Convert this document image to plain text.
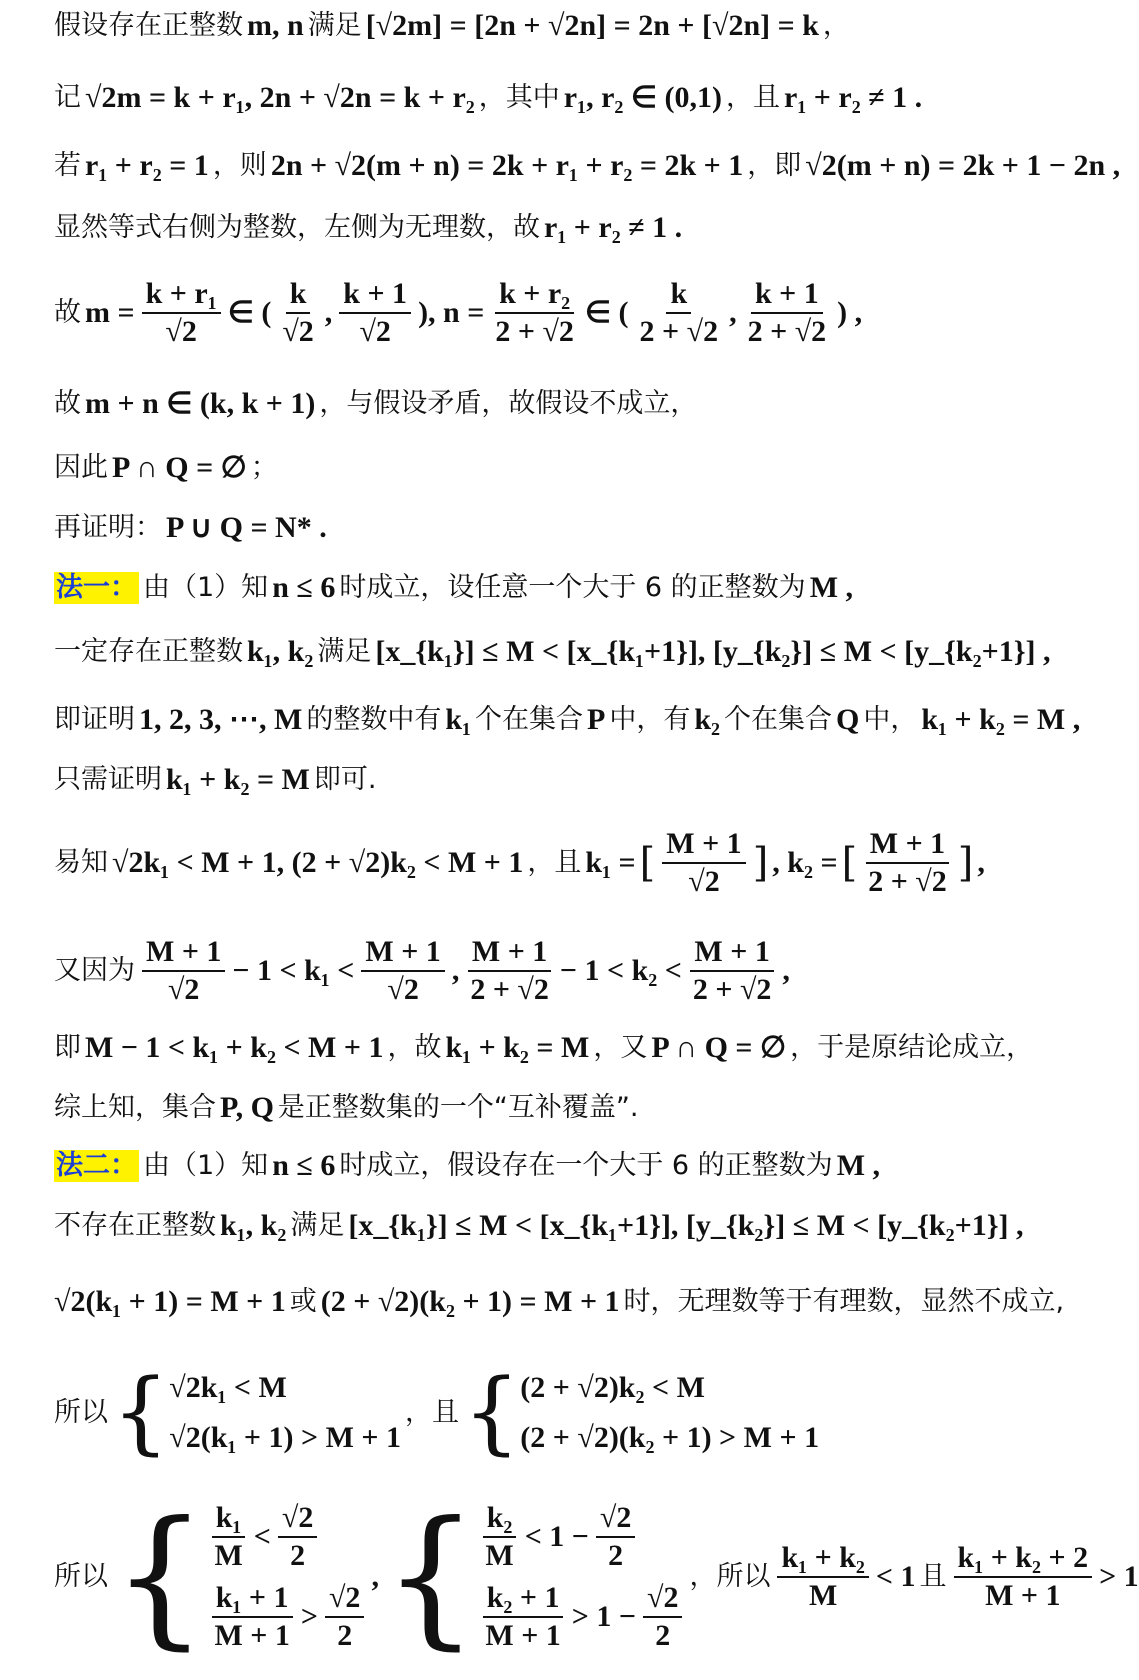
假设存在正整数 m, n 满足 [√2m] = [2n + √2n] = 2n + [√2n] = k ，
记 √2m = k + r₁, 2n + √2n = k + r₂ ，其中 r₁, r₂ ∈ (0,1) ，且 r₁ + r₂ ≠ 1 .
若 r₁ + r₂ = 1 ，则 2n + √2(m + n) = 2k + r₁ + r₂ = 2k + 1 ，即 √2(m + n) = 2k + 1 − 2n ,
显然等式右侧为整数，左侧为无理数，故 r₁ + r₂ ≠ 1 .
故 $m = \frac{\text{k + r₁}}{√2}$ ∈ ( $\frac{k}{√2}$ , $\frac{k + 1}{√2}$ ), $n = \frac{\text{k + r₂}}{2 + √2}$ ∈ ( $\frac{k}{2 + √2}$ , $\frac{k + 1}{2 + √2}$ ) ,
故 m + n ∈ (k, k + 1) ，与假设矛盾，故假设不成立，
因此 P ∩ Q = ∅ ；
再证明： P ∪ Q = N* .
法一： 由（1）知 n ≤ 6 时成立，设任意一个大于 6 的正整数为 M ,
一定存在正整数 k₁, k₂ 满足 [x_{k₁}] ≤ M < [x_{k₁+1}], [y_{k₂}] ≤ M < [y_{k₂+1}] ,
即证明 1, 2, 3, ⋯, M 的整数中有 k₁ 个在集合 P 中，有 k₂ 个在集合 Q 中， k₁ + k₂ = M ,
只需证明 k₁ + k₂ = M 即可.
易知 √2k₁ < M + 1, (2 + √2)k₂ < M + 1 ，且 k₁ = [ $\frac{M + 1}{√2}$ ] , k₂ = [ $\frac{M + 1}{2 + √2}$ ] ,
又因为 $\frac{M + 1}{√2} - 1 < k_1 < \frac{M + 1}{√2}$ , $\frac{M + 1}{2 + √2} - 1 < k_2 < \frac{M + 1}{2 + √2}$ ,
即 M − 1 < k₁ + k₂ < M + 1 ，故 k₁ + k₂ = M ，又 P ∩ Q = ∅ ，于是原结论成立，
综上知，集合 P, Q 是正整数集的一个“互补覆盖”.
法二： 由（1）知 n ≤ 6 时成立，假设存在一个大于 6 的正整数为 M ,
不存在正整数 k₁, k₂ 满足 [x_{k₁}] ≤ M < [x_{k₁+1}], [y_{k₂}] ≤ M < [y_{k₂+1}] ,
√2(k₁ + 1) = M + 1 或 (2 + √2)(k₂ + 1) = M + 1 时，无理数等于有理数，显然不成立,
所以 { √2k₁ < M
√2(k₁ + 1) > M + 1
，且 { (2 + √2)k₂ < M
(2 + √2)(k₂ + 1) > M + 1
所以 { $\frac{\text{k₁}}{M} < \frac{√2}{2}$
$\frac{\text{k₁ + 1}}{M + 1} > \frac{√2}{2}$
, { $\frac{\text{k₂}}{M} < 1 - \frac{√2}{2}$
$\frac{\text{k₂ + 1}}{M + 1} > 1 - \frac{√2}{2}$
，所以 $\frac{\text{k₁ + k₂}}{M} < 1$ 且 $\frac{\text{k₁ + k₂ + 2}}{M + 1} > 1$
